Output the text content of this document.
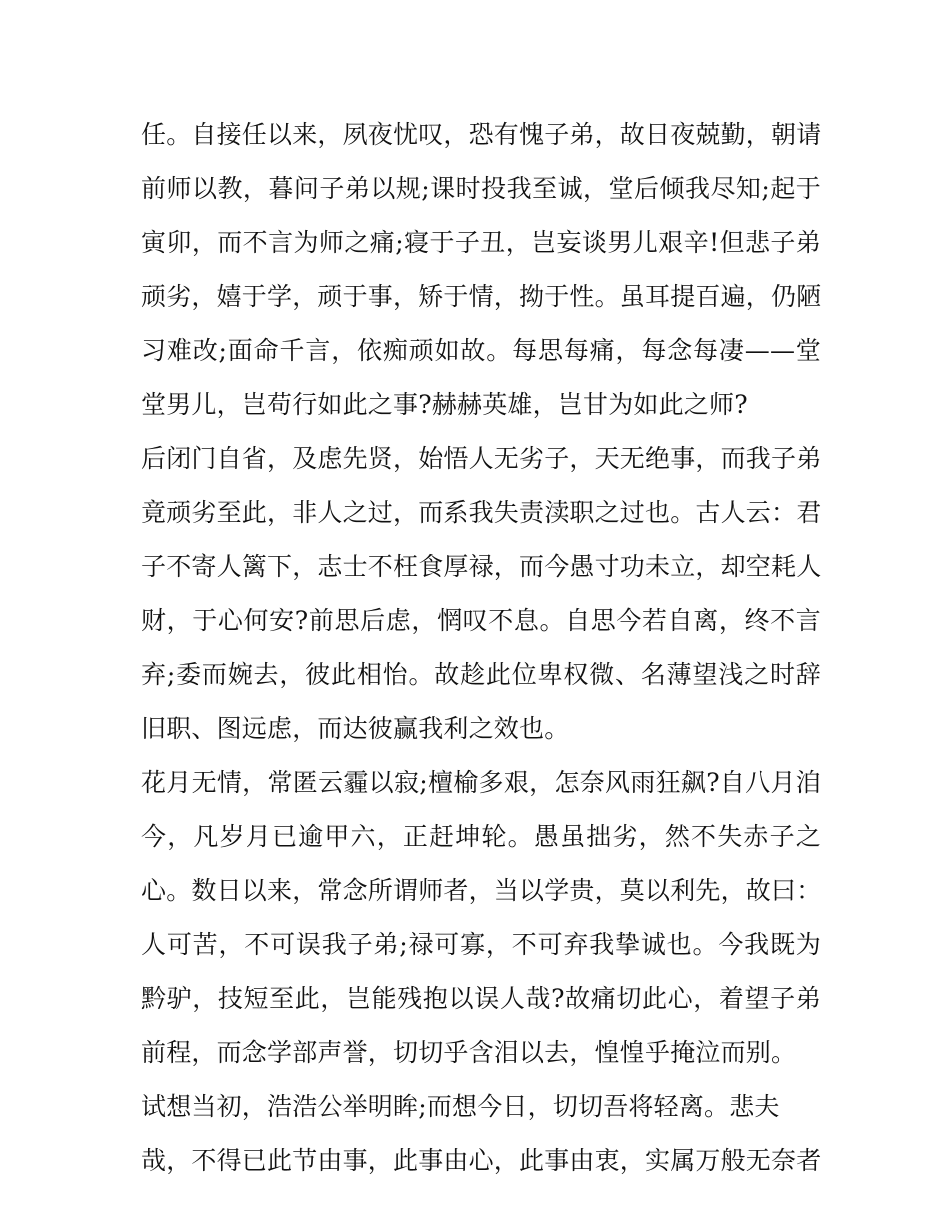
任。自接任以来，夙夜忧叹，恐有愧子弟，故日夜兢勤，朝请
前师以教，暮问子弟以规;课时投我至诚，堂后倾我尽知;起于
寅卯，而不言为师之痛;寝于子丑，岂妄谈男儿艰辛!但悲子弟
顽劣，嬉于学，顽于事，矫于情，拗于性。虽耳提百遍，仍陋
习难改;面命千言，依痴顽如故。每思每痛，每念每凄——堂
堂男儿，岂苟行如此之事?赫赫英雄，岂甘为如此之师?
后闭门自省，及虑先贤，始悟人无劣子，天无绝事，而我子弟
竟顽劣至此，非人之过，而系我失责渎职之过也。古人云：君
子不寄人篱下，志士不枉食厚禄，而今愚寸功未立，却空耗人
财，于心何安?前思后虑，惘叹不息。自思今若自离，终不言
弃;委而婉去，彼此相怡。故趁此位卑权微、名薄望浅之时辞
旧职、图远虑，而达彼赢我利之效也。
花月无情，常匿云霾以寂;檀榆多艰，怎奈风雨狂飙?自八月洎
今，凡岁月已逾甲六，正赶坤轮。愚虽拙劣，然不失赤子之
心。数日以来，常念所谓师者，当以学贵，莫以利先，故曰：
人可苦，不可误我子弟;禄可寡，不可弃我挚诚也。今我既为
黔驴，技短至此，岂能残抱以误人哉?故痛切此心，着望子弟
前程，而念学部声誉，切切乎含泪以去，惶惶乎掩泣而别。
试想当初，浩浩公举明眸;而想今日，切切吾将轻离。悲夫
哉，不得已此节由事，此事由心，此事由衷，实属万般无奈者
